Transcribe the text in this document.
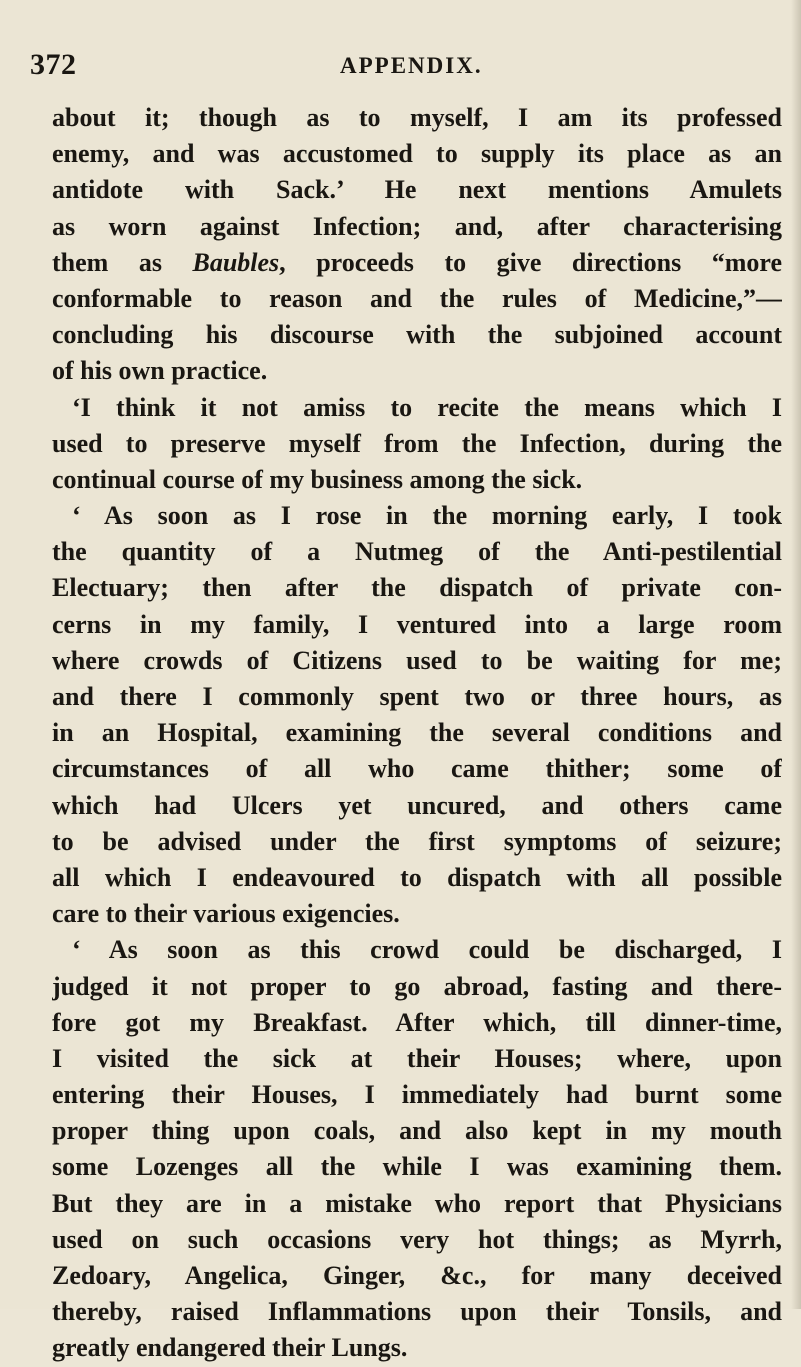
372	APPENDIX.
about it; though as to myself, I am its professed
enemy, and was accustomed to supply its place as an
antidote with Sack.’ He next mentions Amulets
as worn against Infection; and, after characterising
them as Baubles, proceeds to give directions “more
conformable to reason and the rules of Medicine,”—
concluding his discourse with the subjoined account
of his own practice.
‘I think it not amiss to recite the means which I
used to preserve myself from the Infection, during the
continual course of my business among the sick.
‘ As soon as I rose in the morning early, I took
the quantity of a Nutmeg of the Anti-pestilential
Electuary; then after the dispatch of private con-
cerns in my family, I ventured into a large room
where crowds of Citizens used to be waiting for me;
and there I commonly spent two or three hours, as
in an Hospital, examining the several conditions and
circumstances of all who came thither; some of
which had Ulcers yet uncured, and others came
to be advised under the first symptoms of seizure;
all which I endeavoured to dispatch with all possible
care to their various exigencies.
‘ As soon as this crowd could be discharged, I
judged it not proper to go abroad, fasting and there-
fore got my Breakfast. After which, till dinner-time,
I visited the sick at their Houses; where, upon
entering their Houses, I immediately had burnt some
proper thing upon coals, and also kept in my mouth
some Lozenges all the while I was examining them.
But they are in a mistake who report that Physicians
used on such occasions very hot things; as Myrrh,
Zedoary, Angelica, Ginger, &c., for many deceived
thereby, raised Inflammations upon their Tonsils, and
greatly endangered their Lungs.
